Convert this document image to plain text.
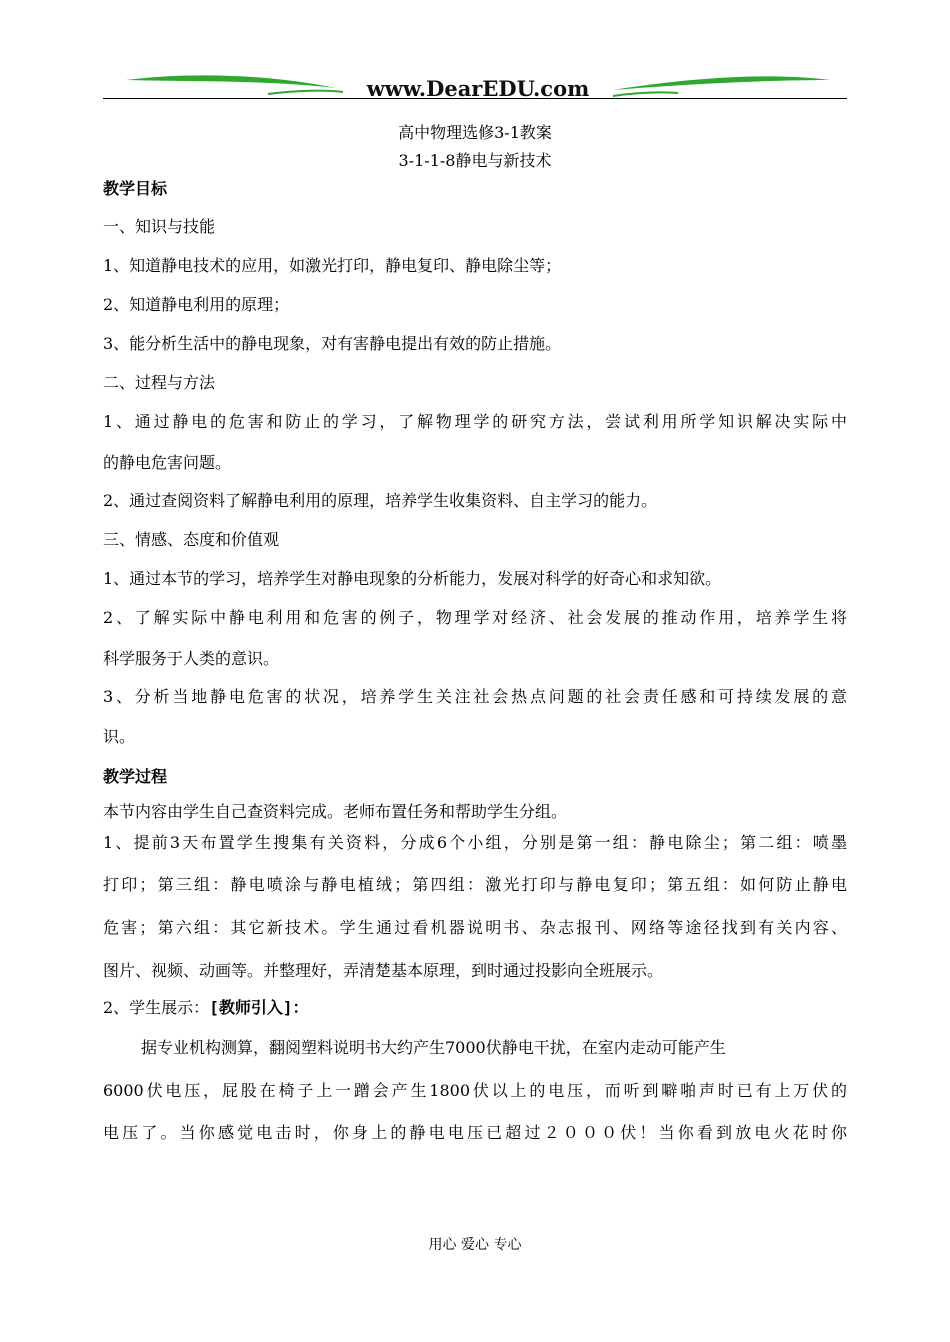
www.DearEDU.com
高中物理选修3-1教案
3-1-1-8静电与新技术
教学目标
一、知识与技能
1、知道静电技术的应用，如激光打印，静电复印、静电除尘等；
2、知道静电利用的原理；
3、能分析生活中的静电现象，对有害静电提出有效的防止措施。
二、过程与方法
1、通过静电的危害和防止的学习，了解物理学的研究方法，尝试利用所学知识解决实际中
的静电危害问题。
2、通过查阅资料了解静电利用的原理，培养学生收集资料、自主学习的能力。
三、情感、态度和价值观
1、通过本节的学习，培养学生对静电现象的分析能力，发展对科学的好奇心和求知欲。
2、了解实际中静电利用和危害的例子，物理学对经济、社会发展的推动作用，培养学生将
科学服务于人类的意识。
3、分析当地静电危害的状况，培养学生关注社会热点问题的社会责任感和可持续发展的意
识。
教学过程
本节内容由学生自己查资料完成。老师布置任务和帮助学生分组。
1、提前3天布置学生搜集有关资料，分成6个小组，分别是第一组：静电除尘；第二组：喷墨
打印；第三组：静电喷涂与静电植绒；第四组：激光打印与静电复印；第五组：如何防止静电
危害；第六组：其它新技术。学生通过看机器说明书、杂志报刊、网络等途径找到有关内容、
图片、视频、动画等。并整理好，弄清楚基本原理，到时通过投影向全班展示。
2、学生展示：[教师引入]：
据专业机构测算，翻阅塑料说明书大约产生7000伏静电干扰，在室内走动可能产生
6000伏电压，屁股在椅子上一蹭会产生1800伏以上的电压，而听到噼啪声时已有上万伏的
电压了。当你感觉电击时，你身上的静电电压已超过２０００伏！当你看到放电火花时你
用心 爱心 专心
